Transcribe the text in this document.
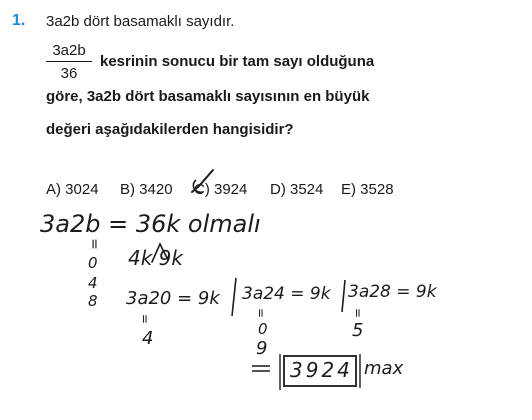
1. 3a2b dört basamaklı sayıdır.
3a2b
36
kesrinin sonucu bir tam sayı olduğuna
göre, 3a2b dört basamaklı sayısının en büyük
değeri aşağıdakilerden hangisidir?
A) 3024 B) 3420 C) 3924 D) 3524 E) 3528
3a2b = 36k olmalı
=
0
4
8
4k 9k
3a20 = 9k
=
4
3a24 = 9k
=
0
9
3a28 = 9k
=
5
3924 max
